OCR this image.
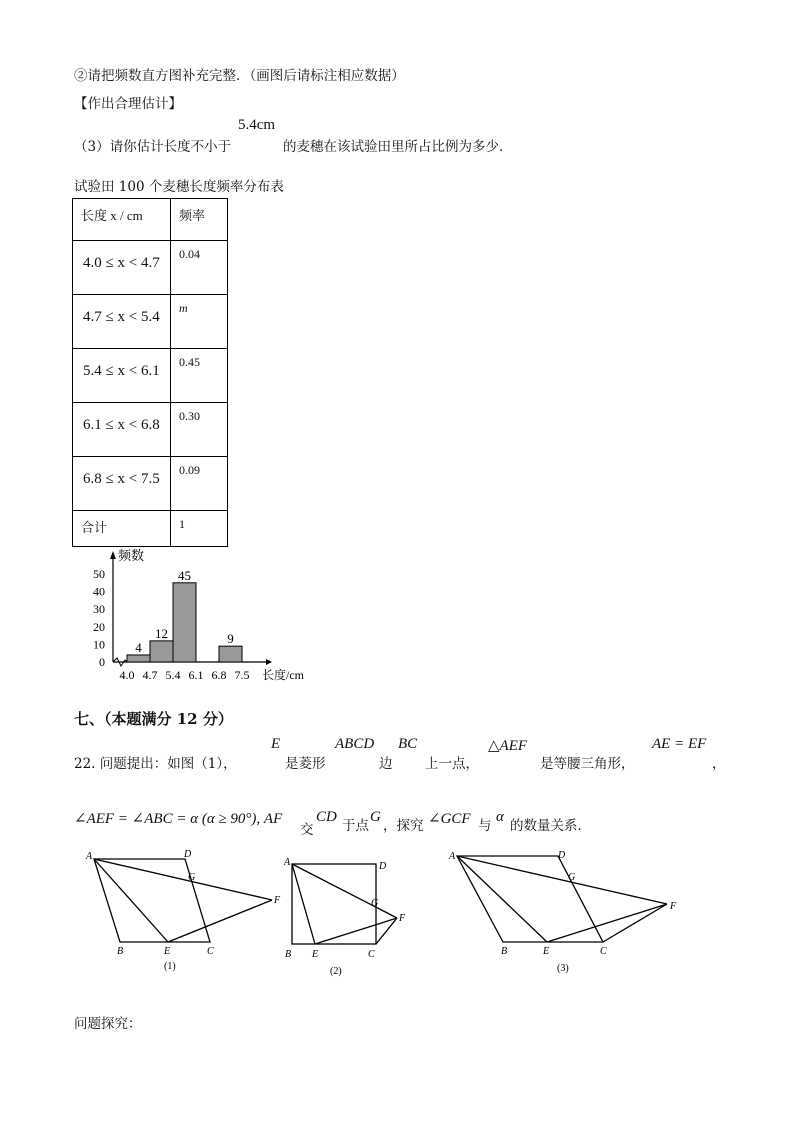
②请把频数直方图补充完整．（画图后请标注相应数据）
【作出合理估计】
（3）请你估计长度不小于
5.4cm
的麦穗在该试验田里所占比例为多少．
试验田 100 个麦穗长度频率分布表
长度 x / cm	频率

4.0 ≤ x < 4.7	0.04

4.7 ≤ x < 5.4	m

5.4 ≤ x < 6.1	0.45

6.1 ≤ x < 6.8	0.30

6.8 ≤ x < 7.5	0.09

合计	1
50
40
30
20
10
0
频数
4
12
45
9
4.0 4.7 5.4 6.1 6.8 7.5 长度/cm
七、（本题满分 12 分）
22. 问题提出：如图（1），
E
是菱形
ABCD
边
BC
上一点，
△AEF
是等腰三角形，
AE = EF
，
∠AEF = ∠ABC = α (α ≥ 90°), AF
交
CD
于点
G
，探究 ∠GCF 与
α
的数量关系．
A	D
G
F
B	E	C
A	D
G
F
B E	C
A	D
G
F
B	E	C
(1)	(2)	(3)
问题探究：
